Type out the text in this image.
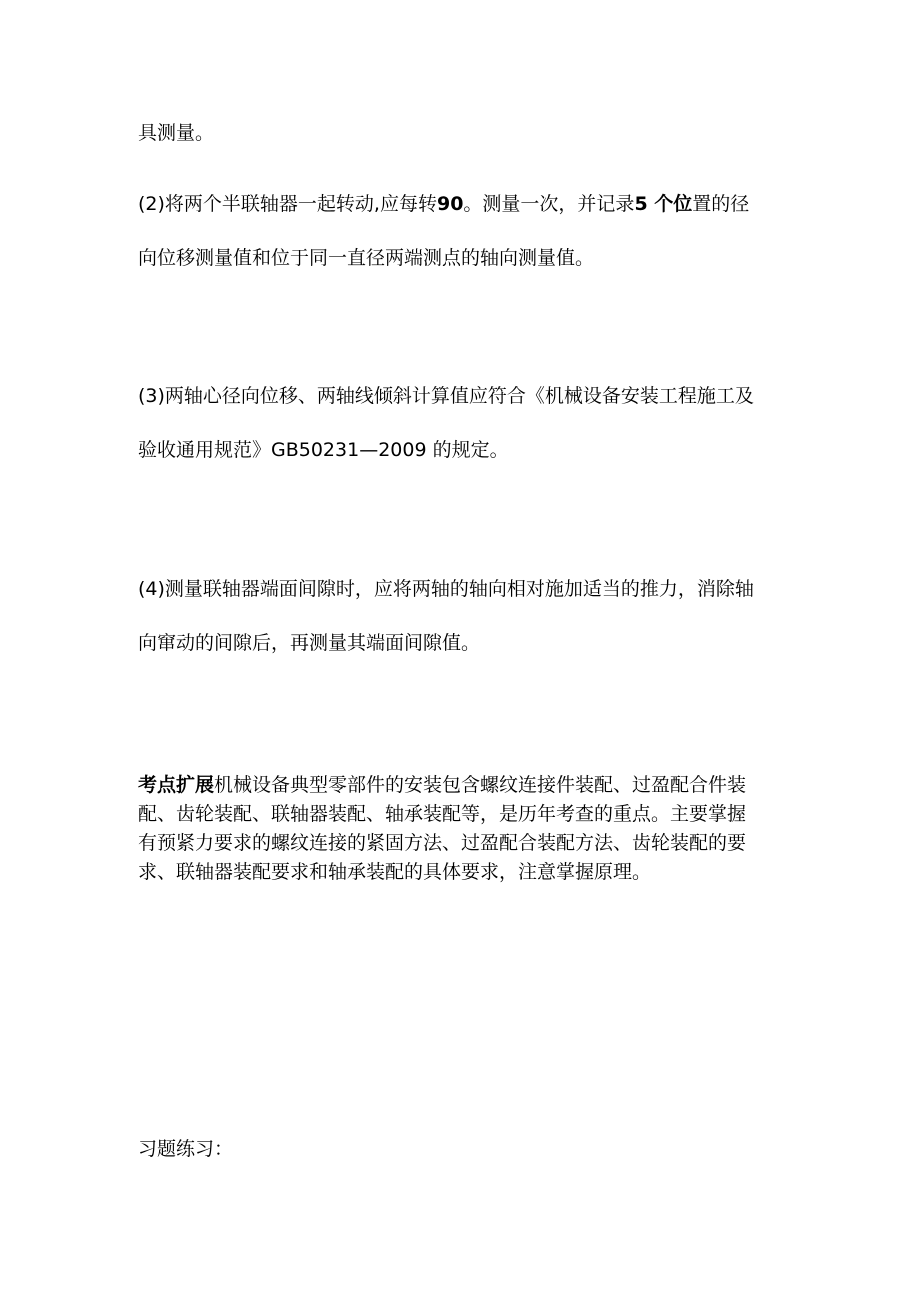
具测量。
(2)将两个半联轴器一起转动,应每转90。测量一次，并记录5 个位置的径
向位移测量值和位于同一直径两端测点的轴向测量值。
(3)两轴心径向位移、两轴线倾斜计算值应符合《机械设备安装工程施工及
验收通用规范》GB50231—2009 的规定。
(4)测量联轴器端面间隙时，应将两轴的轴向相对施加适当的推力，消除轴
向窜动的间隙后，再测量其端面间隙值。
考点扩展机械设备典型零部件的安装包含螺纹连接件装配、过盈配合件装
配、齿轮装配、联轴器装配、轴承装配等，是历年考查的重点。主要掌握
有预紧力要求的螺纹连接的紧固方法、过盈配合装配方法、齿轮装配的要
求、联轴器装配要求和轴承装配的具体要求，注意掌握原理。
习题练习：
